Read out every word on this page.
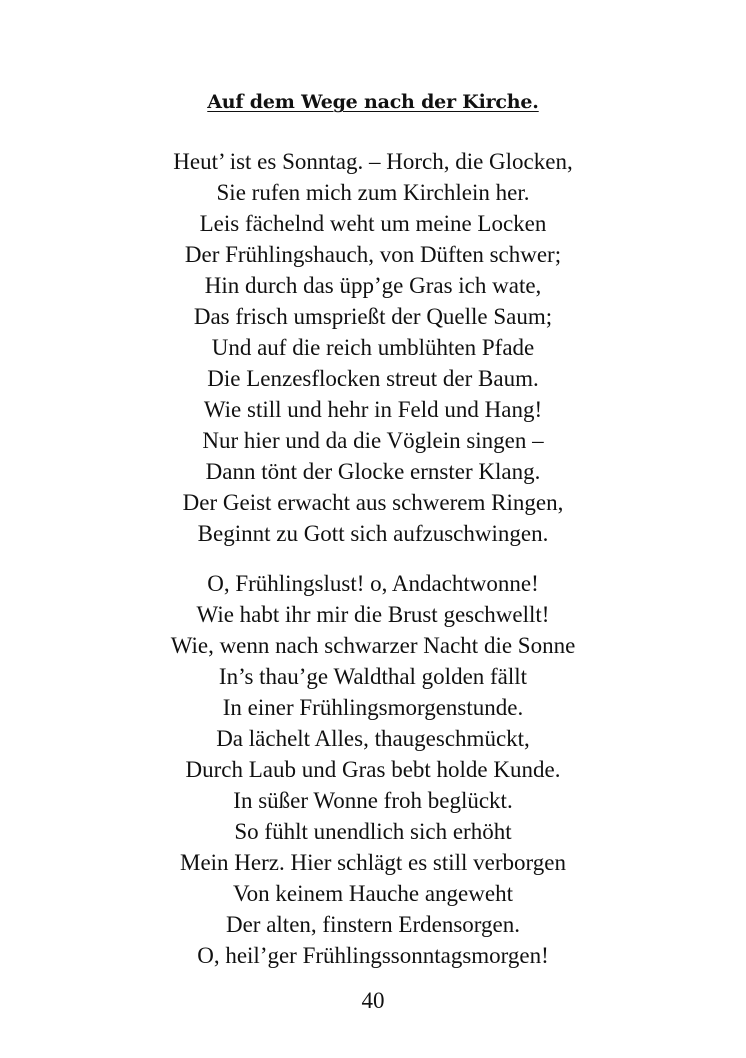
Auf dem Wege nach der Kirche.
Heut’ ist es Sonntag. – Horch, die Glocken,
Sie rufen mich zum Kirchlein her.
Leis fächelnd weht um meine Locken
Der Frühlingshauch, von Düften schwer;
Hin durch das üpp’ge Gras ich wate,
Das frisch umsprießt der Quelle Saum;
Und auf die reich umblühten Pfade
Die Lenzesflocken streut der Baum.
Wie still und hehr in Feld und Hang!
Nur hier und da die Vöglein singen –
Dann tönt der Glocke ernster Klang.
Der Geist erwacht aus schwerem Ringen,
Beginnt zu Gott sich aufzuschwingen.
O, Frühlingslust! o, Andachtwonne!
Wie habt ihr mir die Brust geschwellt!
Wie, wenn nach schwarzer Nacht die Sonne
In’s thau’ge Waldthal golden fällt
In einer Frühlingsmorgenstunde.
Da lächelt Alles, thaugeschmückt,
Durch Laub und Gras bebt holde Kunde.
In süßer Wonne froh beglückt.
So fühlt unendlich sich erhöht
Mein Herz. Hier schlägt es still verborgen
Von keinem Hauche angeweht
Der alten, finstern Erdensorgen.
O, heil’ger Frühlingssonntagsmorgen!
40
